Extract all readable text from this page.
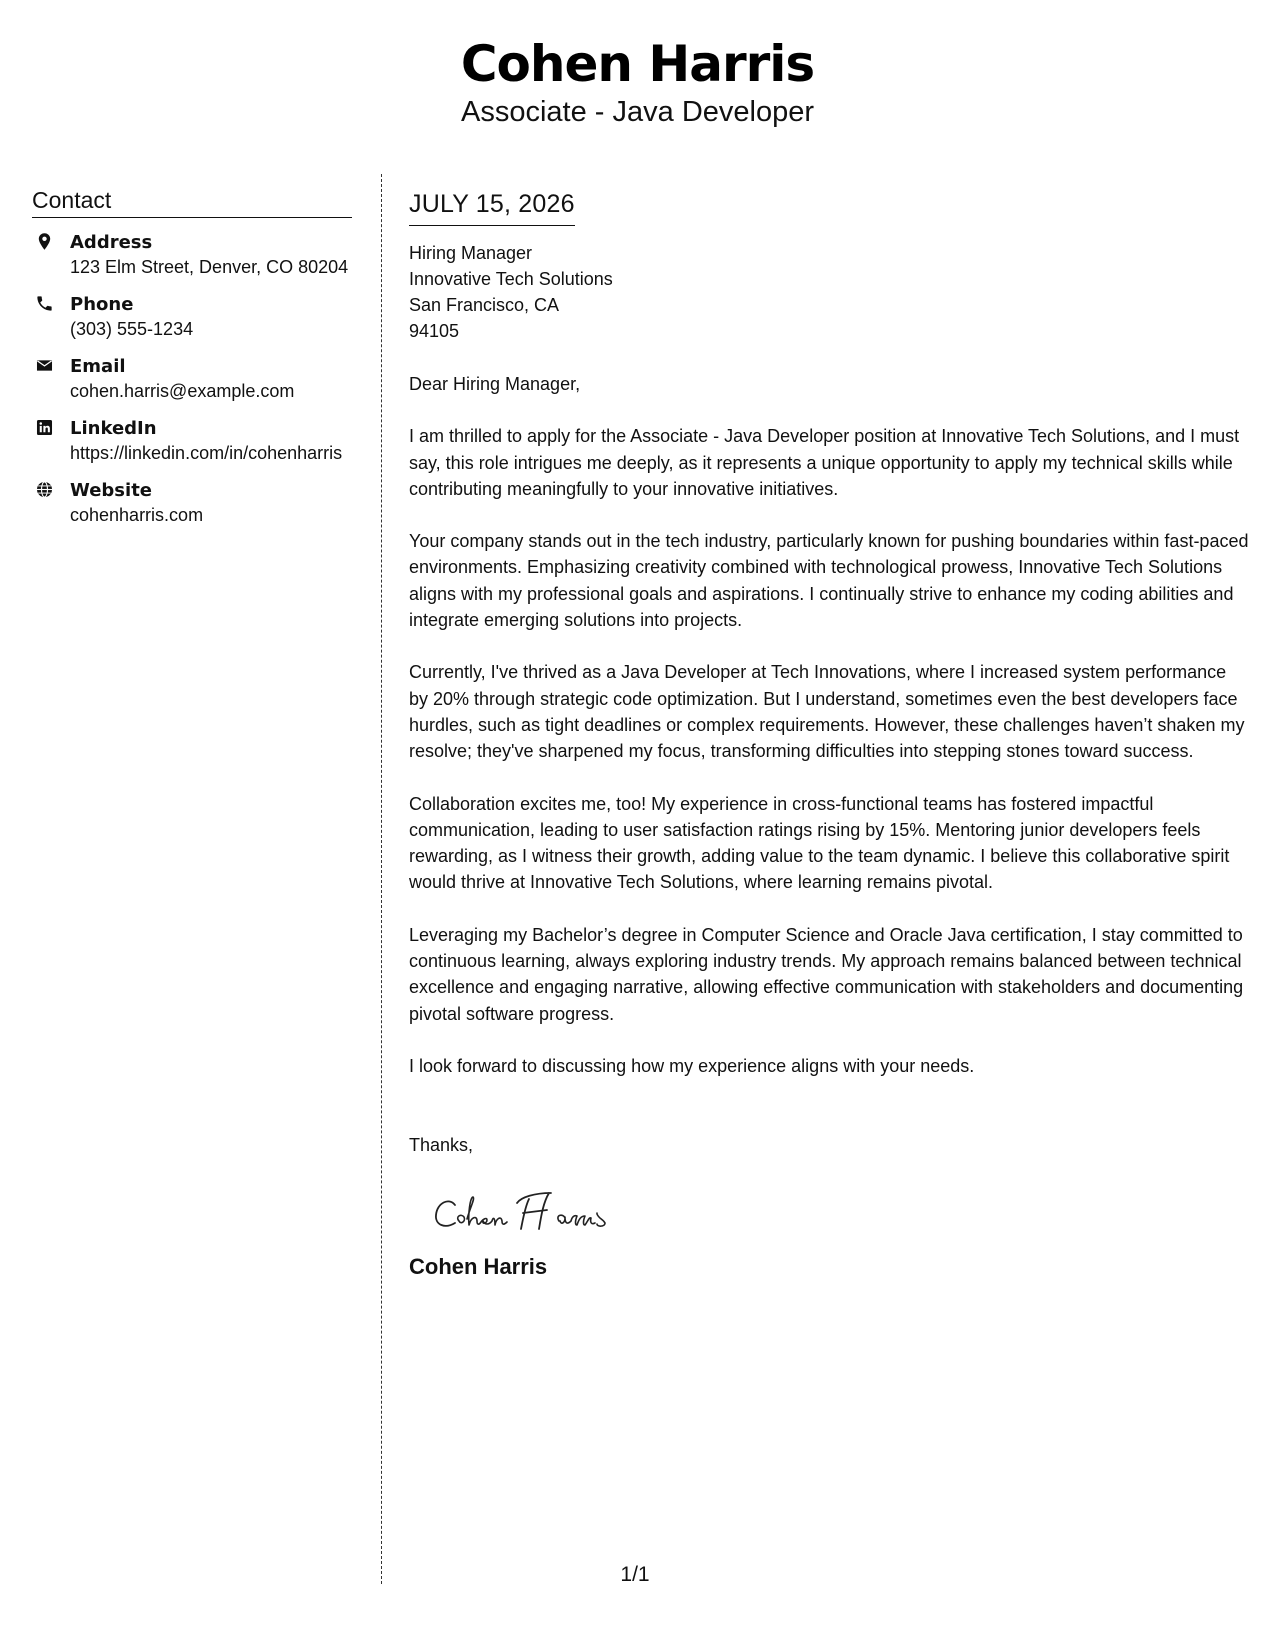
Cohen Harris
Associate - Java Developer
Contact
Address
123 Elm Street, Denver, CO 80204
Phone
(303) 555-1234
Email
cohen.harris@example.com
LinkedIn
https://linkedin.com/in/cohenharris
Website
cohenharris.com
JULY 15, 2026
Hiring Manager
Innovative Tech Solutions
San Francisco, CA
94105
Dear Hiring Manager,

I am thrilled to apply for the Associate - Java Developer position at Innovative Tech Solutions, and I must say, this role intrigues me deeply, as it represents a unique opportunity to apply my technical skills while contributing meaningfully to your innovative initiatives.

Your company stands out in the tech industry, particularly known for pushing boundaries within fast-paced environments. Emphasizing creativity combined with technological prowess, Innovative Tech Solutions aligns with my professional goals and aspirations. I continually strive to enhance my coding abilities and integrate emerging solutions into projects.

Currently, I've thrived as a Java Developer at Tech Innovations, where I increased system performance by 20% through strategic code optimization. But I understand, sometimes even the best developers face hurdles, such as tight deadlines or complex requirements. However, these challenges haven’t shaken my resolve; they've sharpened my focus, transforming difficulties into stepping stones toward success.

Collaboration excites me, too! My experience in cross-functional teams has fostered impactful communication, leading to user satisfaction ratings rising by 15%. Mentoring junior developers feels rewarding, as I witness their growth, adding value to the team dynamic. I believe this collaborative spirit would thrive at Innovative Tech Solutions, where learning remains pivotal.

Leveraging my Bachelor’s degree in Computer Science and Oracle Java certification, I stay committed to continuous learning, always exploring industry trends. My approach remains balanced between technical excellence and engaging narrative, allowing effective communication with stakeholders and documenting pivotal software progress.

I look forward to discussing how my experience aligns with your needs.

Thanks,
Cohen Harris
1/1
